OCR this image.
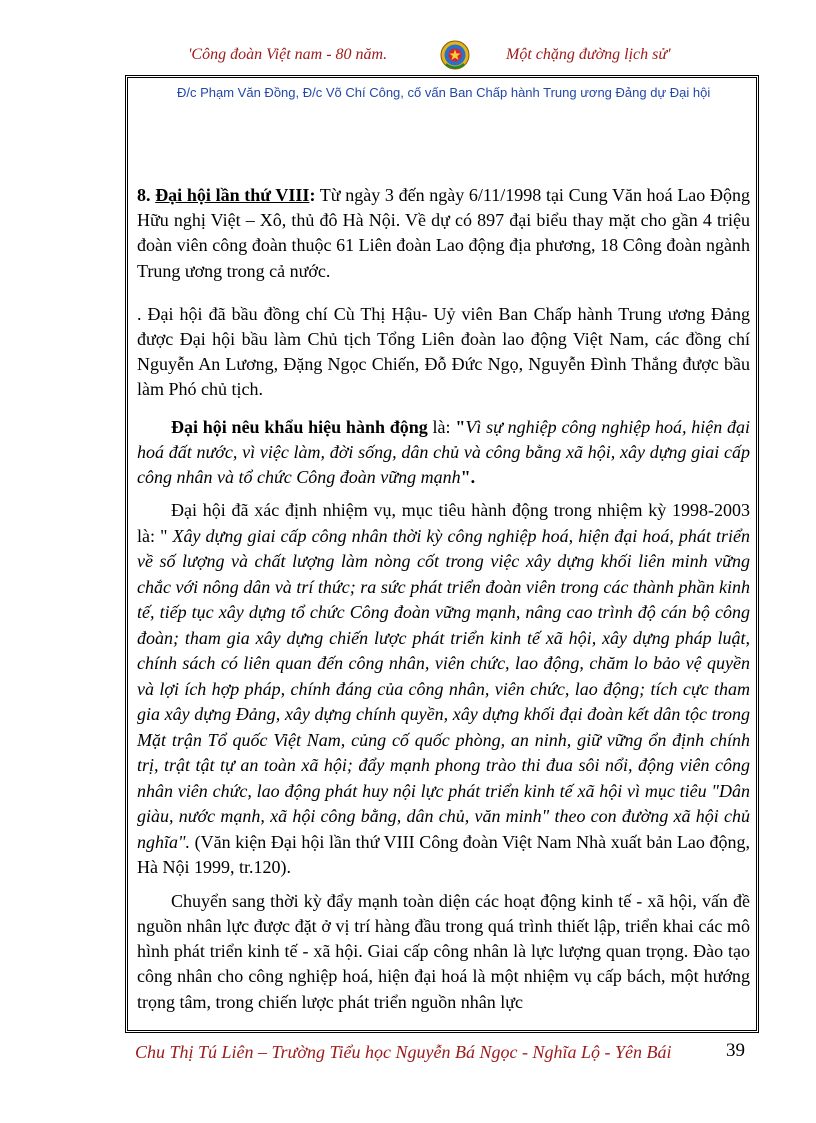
'Công đoàn Việt nam - 80 năm.	Một chặng đường lịch sử'
Đ/c Phạm Văn Đồng, Đ/c Võ Chí Công, cố vấn Ban Chấp hành Trung ương Đảng dự Đại hội

8. Đại hội lần thứ VIII: Từ ngày 3 đến ngày 6/11/1998 tại Cung Văn hoá Lao Động Hữu nghị Việt – Xô, thủ đô Hà Nội. Về dự có 897 đại biểu thay mặt cho gần 4 triệu đoàn viên công đoàn thuộc 61 Liên đoàn Lao động địa phương, 18 Công đoàn ngành Trung ương trong cả nước.

. Đại hội đã bầu đồng chí Cù Thị Hậu- Uỷ viên Ban Chấp hành Trung ương Đảng được Đại hội bầu làm Chủ tịch Tổng Liên đoàn lao động Việt Nam, các đồng chí Nguyễn An Lương, Đặng Ngọc Chiến, Đỗ Đức Ngọ, Nguyễn Đình Thắng được bầu làm Phó chủ tịch.

Đại hội nêu khẩu hiệu hành động là: "Vì sự nghiệp công nghiệp hoá, hiện đại hoá đất nước, vì việc làm, đời sống, dân chủ và công bằng xã hội, xây dựng giai cấp công nhân và tổ chức Công đoàn vững mạnh".

Đại hội đã xác định nhiệm vụ, mục tiêu hành động trong nhiệm kỳ 1998-2003 là: " Xây dựng giai cấp công nhân thời kỳ công nghiệp hoá, hiện đại hoá, phát triển về số lượng và chất lượng làm nòng cốt trong việc xây dựng khối liên minh vững chắc với nông dân và trí thức; ra sức phát triển đoàn viên trong các thành phần kinh tế, tiếp tục xây dựng tổ chức Công đoàn vững mạnh, nâng cao trình độ cán bộ công đoàn; tham gia xây dựng chiến lược phát triển kinh tế xã hội, xây dựng pháp luật, chính sách có liên quan đến công nhân, viên chức, lao động, chăm lo bảo vệ quyền và lợi ích hợp pháp, chính đáng của công nhân, viên chức, lao động; tích cực tham gia xây dựng Đảng, xây dựng chính quyền, xây dựng khối đại đoàn kết dân tộc trong Mặt trận Tổ quốc Việt Nam, củng cố quốc phòng, an ninh, giữ vững ổn định chính trị, trật tật tự an toàn xã hội; đẩy mạnh phong trào thi đua sôi nổi, động viên công nhân viên chức, lao động phát huy nội lực phát triển kinh tế xã hội vì mục tiêu "Dân giàu, nước mạnh, xã hội công bằng, dân chủ, văn minh" theo con đường xã hội chủ nghĩa". (Văn kiện Đại hội lần thứ VIII Công đoàn Việt Nam Nhà xuất bản Lao động, Hà Nội 1999, tr.120).

Chuyển sang thời kỳ đẩy mạnh toàn diện các hoạt động kinh tế - xã hội, vấn đề nguồn nhân lực được đặt ở vị trí hàng đầu trong quá trình thiết lập, triển khai các mô hình phát triển kinh tế - xã hội. Giai cấp công nhân là lực lượng quan trọng. Đào tạo công nhân cho công nghiệp hoá, hiện đại hoá là một nhiệm vụ cấp bách, một hướng trọng tâm, trong chiến lược phát triển nguồn nhân lực

Chu Thị Tú Liên – Trường Tiểu học Nguyễn Bá Ngọc - Nghĩa Lộ - Yên Bái	39
